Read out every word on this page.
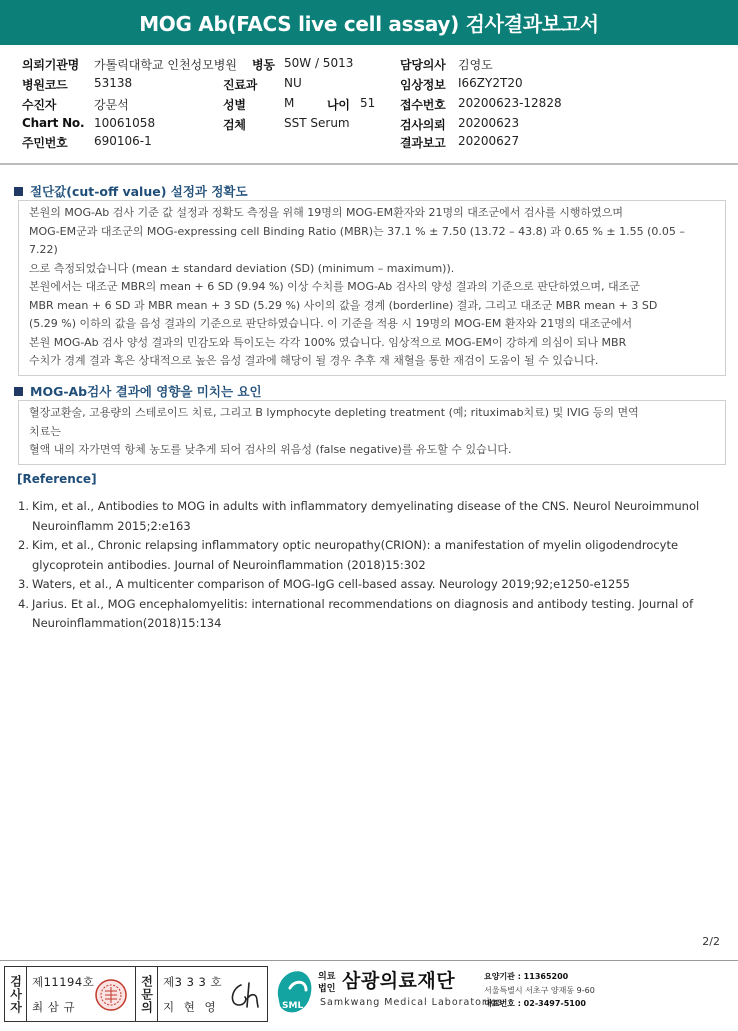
MOG Ab(FACS live cell assay) 검사결과보고서
의뢰기관명 가톨릭대학교 인천성모병원 병동 50W / 5013	담당의사 김영도
병원코드 53138	진료과 NU	임상정보 I66ZY2T20
수진자	강문석	성별	M	나이 51 접수번호 20200623-12828
Chart No. 10061058	검체	SST Serum	검사의뢰 20200623
주민번호 690106-1	결과보고 20200627
절단값(cut-off value) 설정과 정확도

본원의 MOG-Ab 검사 기준 값 설정과 정확도 측정을 위해 19명의 MOG-EM환자와 21명의 대조군에서 검사를 시행하였으며

MOG-EM군과 대조군의 MOG-expressing cell Binding Ratio (MBR)는 37.1 % ± 7.50 (13.72 – 43.8) 과 0.65 % ± 1.55 (0.05 –

7.22)

으로 측정되었습니다 (mean ± standard deviation (SD) (minimum – maximum)).

본원에서는 대조군 MBR의 mean + 6 SD (9.94 %) 이상 수치를 MOG-Ab 검사의 양성 결과의 기준으로 판단하였으며, 대조군

MBR mean + 6 SD 과 MBR mean + 3 SD (5.29 %) 사이의 값을 경계 (borderline) 결과, 그리고 대조군 MBR mean + 3 SD

(5.29 %) 이하의 값을 음성 결과의 기준으로 판단하였습니다. 이 기준을 적용 시 19명의 MOG-EM 환자와 21명의 대조군에서

본원 MOG-Ab 검사 양성 결과의 민감도와 특이도는 각각 100% 였습니다. 임상적으로 MOG-EM이 강하게 의심이 되나 MBR

수치가 경계 결과 혹은 상대적으로 높은 음성 결과에 해당이 될 경우 추후 재 채혈을 통한 재검이 도움이 될 수 있습니다.

MOG-Ab검사 결과에 영향을 미치는 요인

혈장교환술, 고용량의 스테로이드 치료, 그리고 B lymphocyte depleting treatment (예; rituximab치료) 및 IVIG 등의 면역

치료는

혈액 내의 자가면역 항체 농도를 낮추게 되어 검사의 위음성 (false negative)를 유도할 수 있습니다.

[Reference]
1. Kim, et al., Antibodies to MOG in adults with inflammatory demyelinating disease of the CNS. Neurol Neuroimmunol
Neuroinflamm 2015;2:e163
2. Kim, et al., Chronic relapsing inflammatory optic neuropathy(CRION): a manifestation of myelin oligodendrocyte
glycoprotein antibodies. Journal of Neuroinflammation (2018)15:302
3. Waters, et al., A multicenter comparison of MOG-IgG cell-based assay. Neurology 2019;92;e1250-e1255
4. Jarius. Et al., MOG encephalomyelitis: international recommendations on diagnosis and antibody testing. Journal of
Neuroinflammation(2018)15:134
2/2
검사자 제11194호
최 삼 규	전문의 제3 3 3 호
지 현 영	SML
의료
법인 삼광의료재단
Samkwang Medical Laboratories
요양기관 : 11365200
서울특별시 서초구 양재동 9-60
대표번호 : 02-3497-5100
